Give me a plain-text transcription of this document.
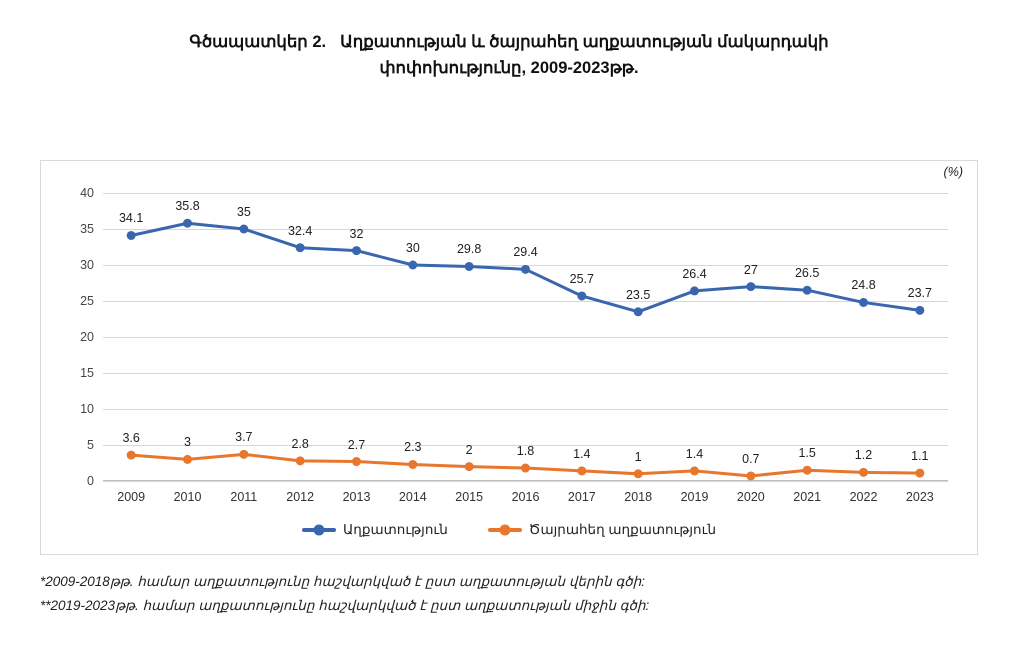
Գծապատկեր 2. Աղքատության և ծայրահեղ աղքատության մակարդակի
փոփոխությունը, 2009-2023թթ.
(%)
0
5
10
15
20
25
30
35
40
2009 2010 2011 2012 2013 2014 2015 2016 2017 2018 2019 2020 2021 2022 2023
34.1
35.8	35
32.4	32
30	29.8	29.4
25.7
23.5
26.4	27	26.5
24.8
23.7
3.6	3	3.7	2.8	2.7	2.3	2	1.8	1.4	1	1.4	0.7	1.5	1.2	1.1
Աղքատություն	Ծայրահեղ աղքատություն
*2009-2018թթ. համար աղքատությունը հաշվարկված է ըստ աղքատության վերին գծի:
**2019-2023թթ. համար աղքատությունը հաշվարկված է ըստ աղքատության միջին գծի:
